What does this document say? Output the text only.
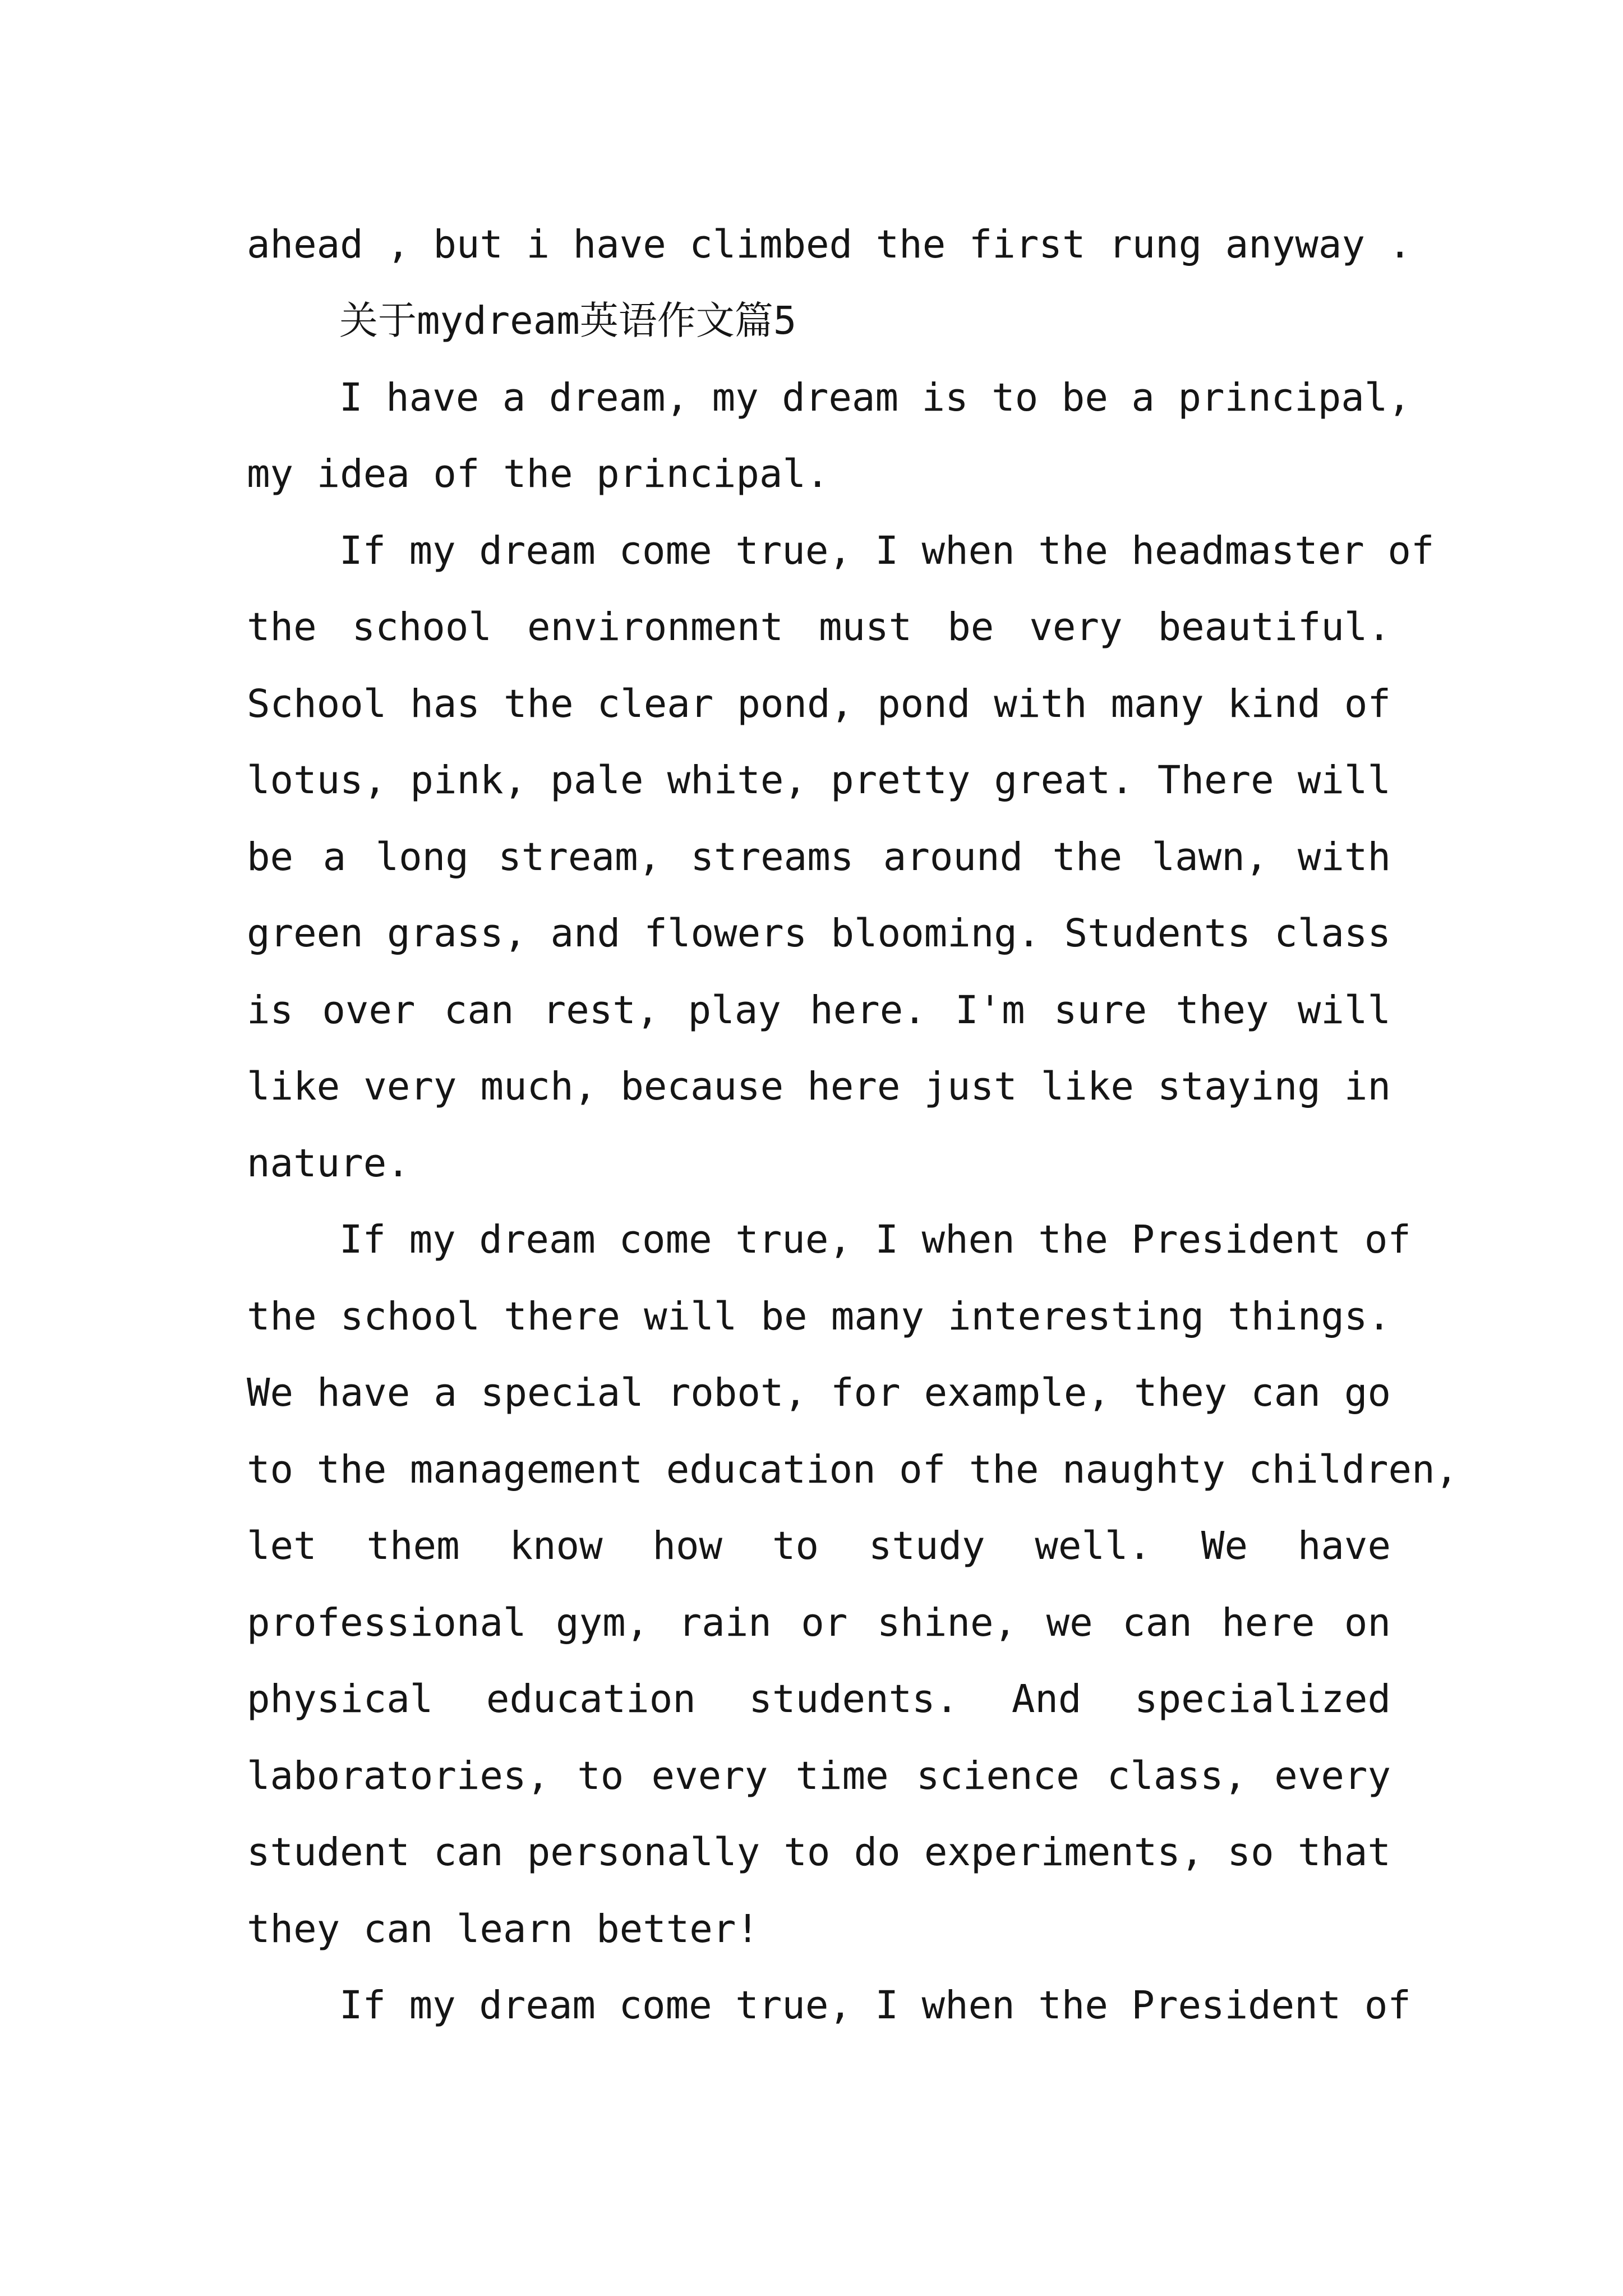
ahead , but i have climbed the first rung anyway .
关于mydream英语作文篇5
I have a dream, my dream is to be a principal,
my idea of the principal.
If my dream come true, I when the headmaster of
the school environment must be very beautiful.
School has the clear pond, pond with many kind of
lotus, pink, pale white, pretty great. There will
be a long stream, streams around the lawn, with
green grass, and flowers blooming. Students class
is over can rest, play here. I'm sure they will
like very much, because here just like staying in
nature.
If my dream come true, I when the President of
the school there will be many interesting things.
We have a special robot, for example, they can go
to the management education of the naughty children,
let them know how to study well. We have
professional gym, rain or shine, we can here on
physical education students. And specialized
laboratories, to every time science class, every
student can personally to do experiments, so that
they can learn better!
If my dream come true, I when the President of
